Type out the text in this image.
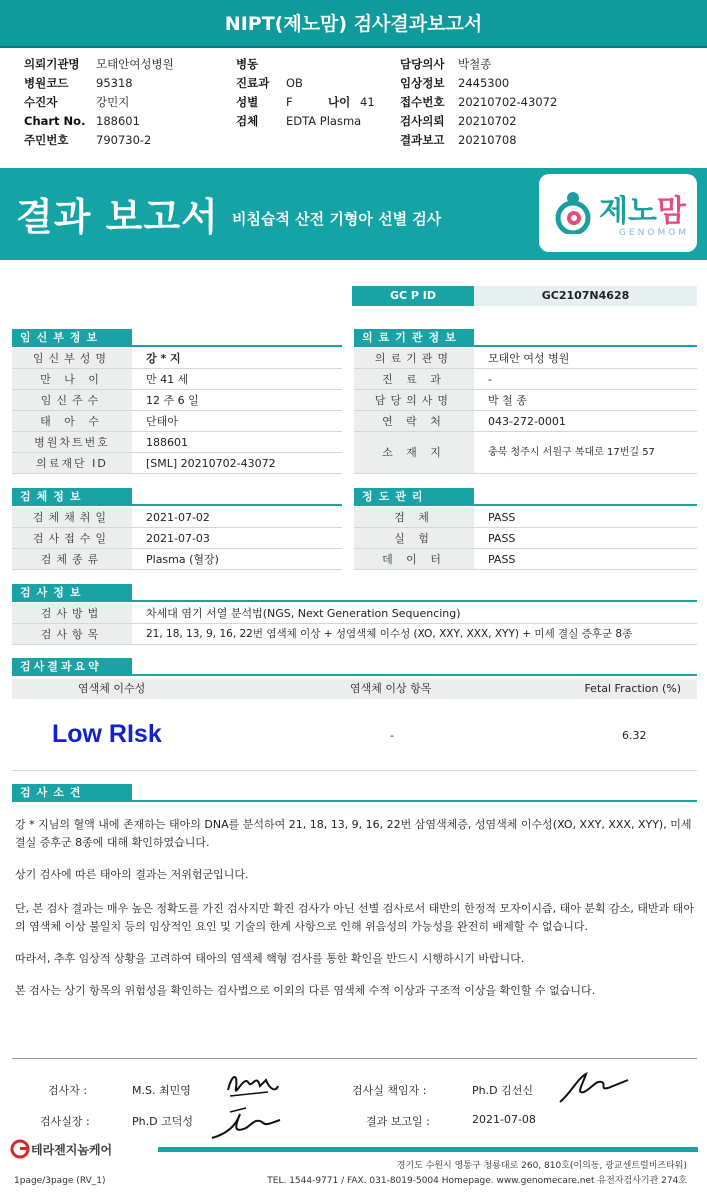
NIPT(제노맘) 검사결과보고서
의뢰기관명	모태안여성병원
병원코드	95318
수진자	강민지
Chart No. 188601
주민번호	790730-2
병동
진료과	OB
성별	F	나이 41
검체	EDTA Plasma
담당의사	박철종
임상정보	2445300
접수번호	20210702-43072
검사의뢰	20210702
결과보고	20210708
결과 보고서 비침습적 산전 기형아 선별 검사	제노맘
GENOMOM
GC P ID	GC2107N4628
임신부정보
임신부성명	강 * 지
만 나 이	만 41 세
임신주수	12 주 6 일
태 아 수	단태아
병원차트번호	188601
의료재단 ID	[SML] 20210702-43072
의료기관정보
의료기관명	모태안 여성 병원
진 료 과	-
담당의사명	박 철 종
연 락 처	043-272-0001
소 재 지	충북 청주시 서원구 복대로 17번길 57
검체정보
검체채취일	2021-07-02
검사접수일	2021-07-03
검체종류	Plasma (혈장)
정도관리
검 체	PASS
실 험	PASS
데 이 터	PASS
검사정보
검사방법	차세대 염기 서열 분석법(NGS, Next Generation Sequencing)
검사항목	21, 18, 13, 9, 16, 22번 염색체 이상 + 성염색체 이수성 (XO, XXY, XXX, XYY) + 미세 결실 증후군 8종
검사결과요약
염색체 이수성	염색체 이상 항목	Fetal Fraction (%)
Low RIsk	-	6.32
검사소견

강 * 지님의 혈액 내에 존재하는 태아의 DNA를 분석하여 21, 18, 13, 9, 16, 22번 삼염색체증, 성염색체 이수성(XO, XXY, XXX, XYY), 미세 결실 증후군 8종에 대해 확인하였습니다.

상기 검사에 따른 태아의 결과는 저위험군입니다.

단, 본 검사 결과는 매우 높은 정확도를 가진 검사지만 확진 검사가 아닌 선별 검사로서 태반의 한정적 모자이시즘, 태아 분획 감소, 태반과 태아의 염색체 이상 불일치 등의 임상적인 요인 및 기술의 한계 사항으로 인해 위음성의 가능성을 완전히 배제할 수 없습니다.

따라서, 추후 임상적 상황을 고려하여 태아의 염색체 핵형 검사를 통한 확인을 반드시 시행하시기 바랍니다.

본 검사는 상기 항목의 위험성을 확인하는 검사법으로 이외의 다른 염색체 수적 이상과 구조적 이상을 확인할 수 없습니다.

검사자 :	M.S. 최민영	검사실 책임자 :	Ph.D 김선신
검사실장 :	Ph.D 고덕성	결과 보고일 :	2021-07-08
테라젠지놈케어
1page/3page (RV_1)
경기도 수원시 영통구 청룡대로 260, 810호(이의동, 광교센트럴비즈타워)
TEL. 1544-9771 / FAX. 031-8019-5004 Homepage. www.genomecare.net 유전자검사기관 274호
